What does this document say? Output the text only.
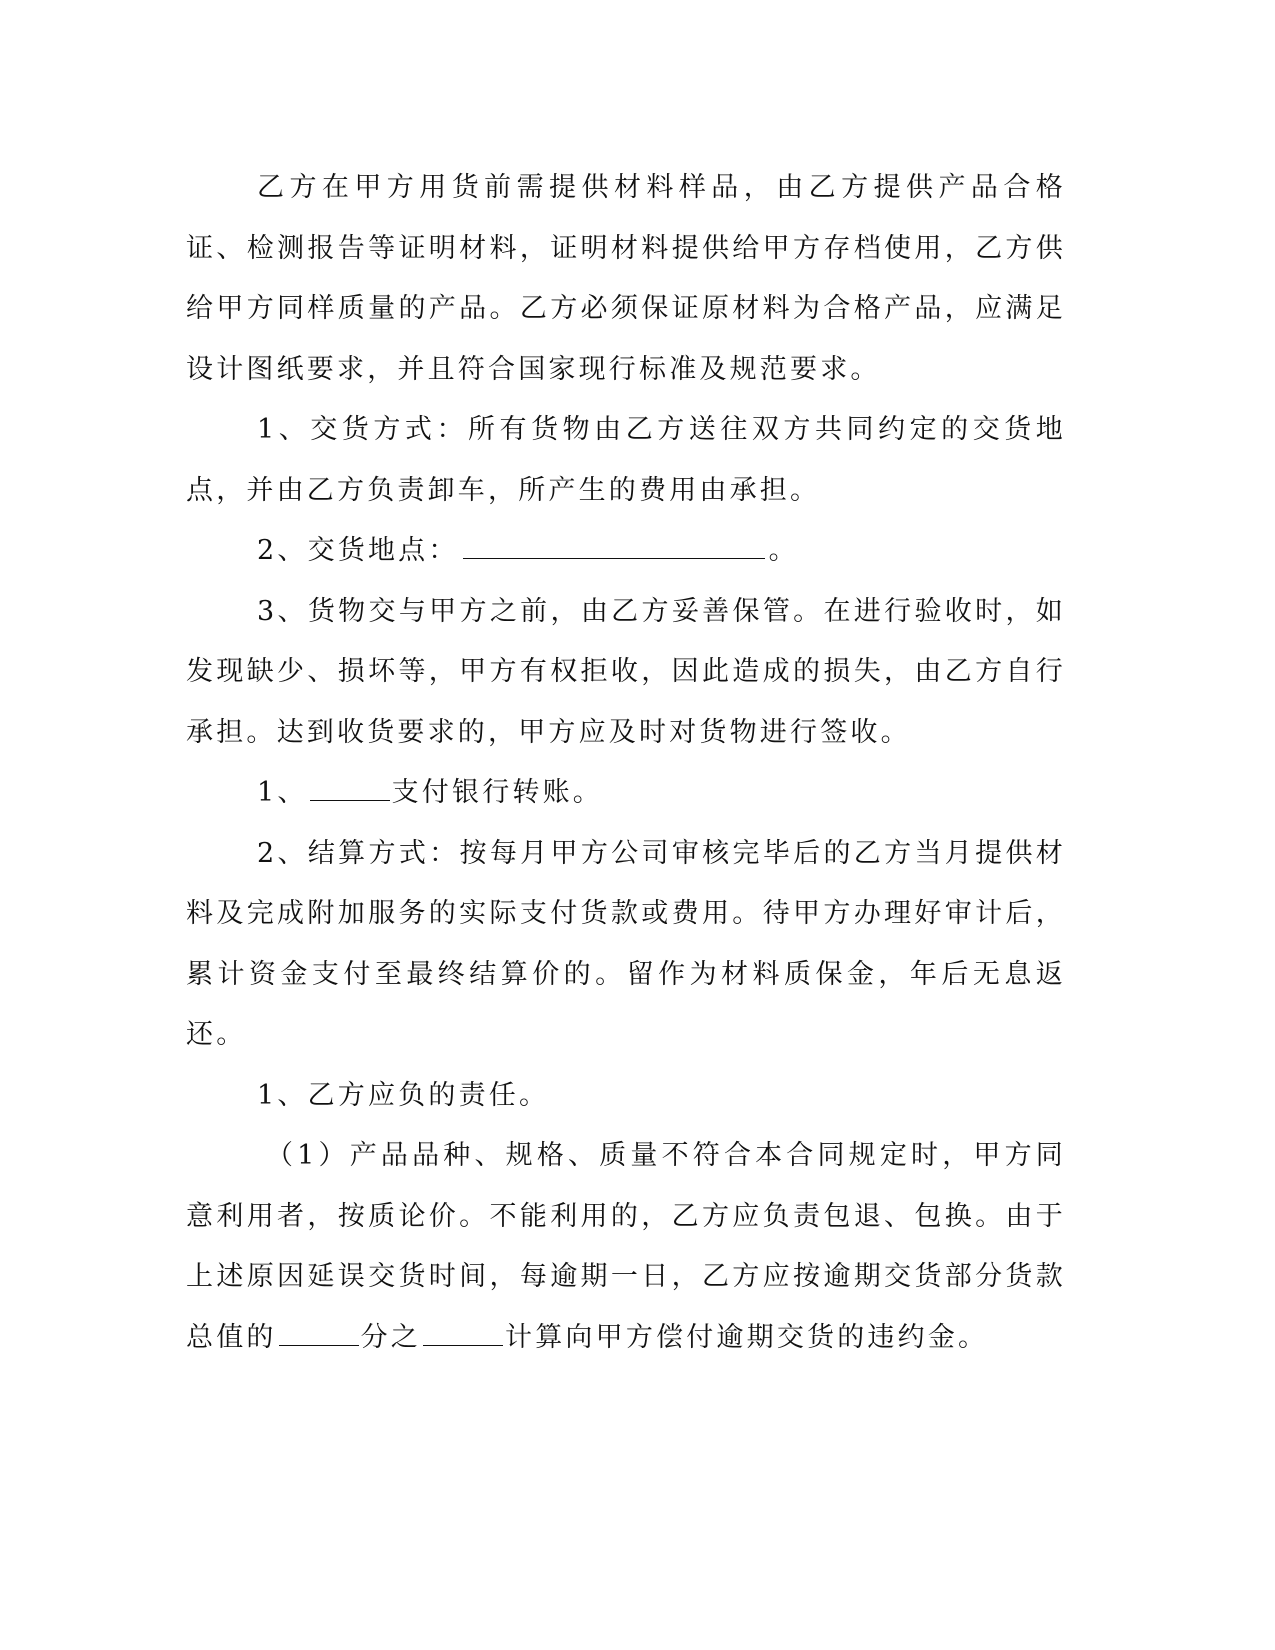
乙方在甲方用货前需提供材料样品，由乙方提供产品合格证、检测报告等证明材料，证明材料提供给甲方存档使用，乙方供给甲方同样质量的产品。乙方必须保证原材料为合格产品，应满足设计图纸要求，并且符合国家现行标准及规范要求。

1、交货方式：所有货物由乙方送往双方共同约定的交货地点，并由乙方负责卸车，所产生的费用由承担。

2、交货地点：	。

3、货物交与甲方之前，由乙方妥善保管。在进行验收时，如发现缺少、损坏等，甲方有权拒收，因此造成的损失，由乙方自行承担。达到收货要求的，甲方应及时对货物进行签收。

1、	支付银行转账。

2、结算方式：按每月甲方公司审核完毕后的乙方当月提供材料及完成附加服务的实际支付货款或费用。待甲方办理好审计后，累计资金支付至最终结算价的。留作为材料质保金，年后无息返还。

1、乙方应负的责任。

（1）产品品种、规格、质量不符合本合同规定时，甲方同意利用者，按质论价。不能利用的，乙方应负责包退、包换。由于上述原因延误交货时间，每逾期一日，乙方应按逾期交货部分货款总值的	分之	计算向甲方偿付逾期交货的违约金。
